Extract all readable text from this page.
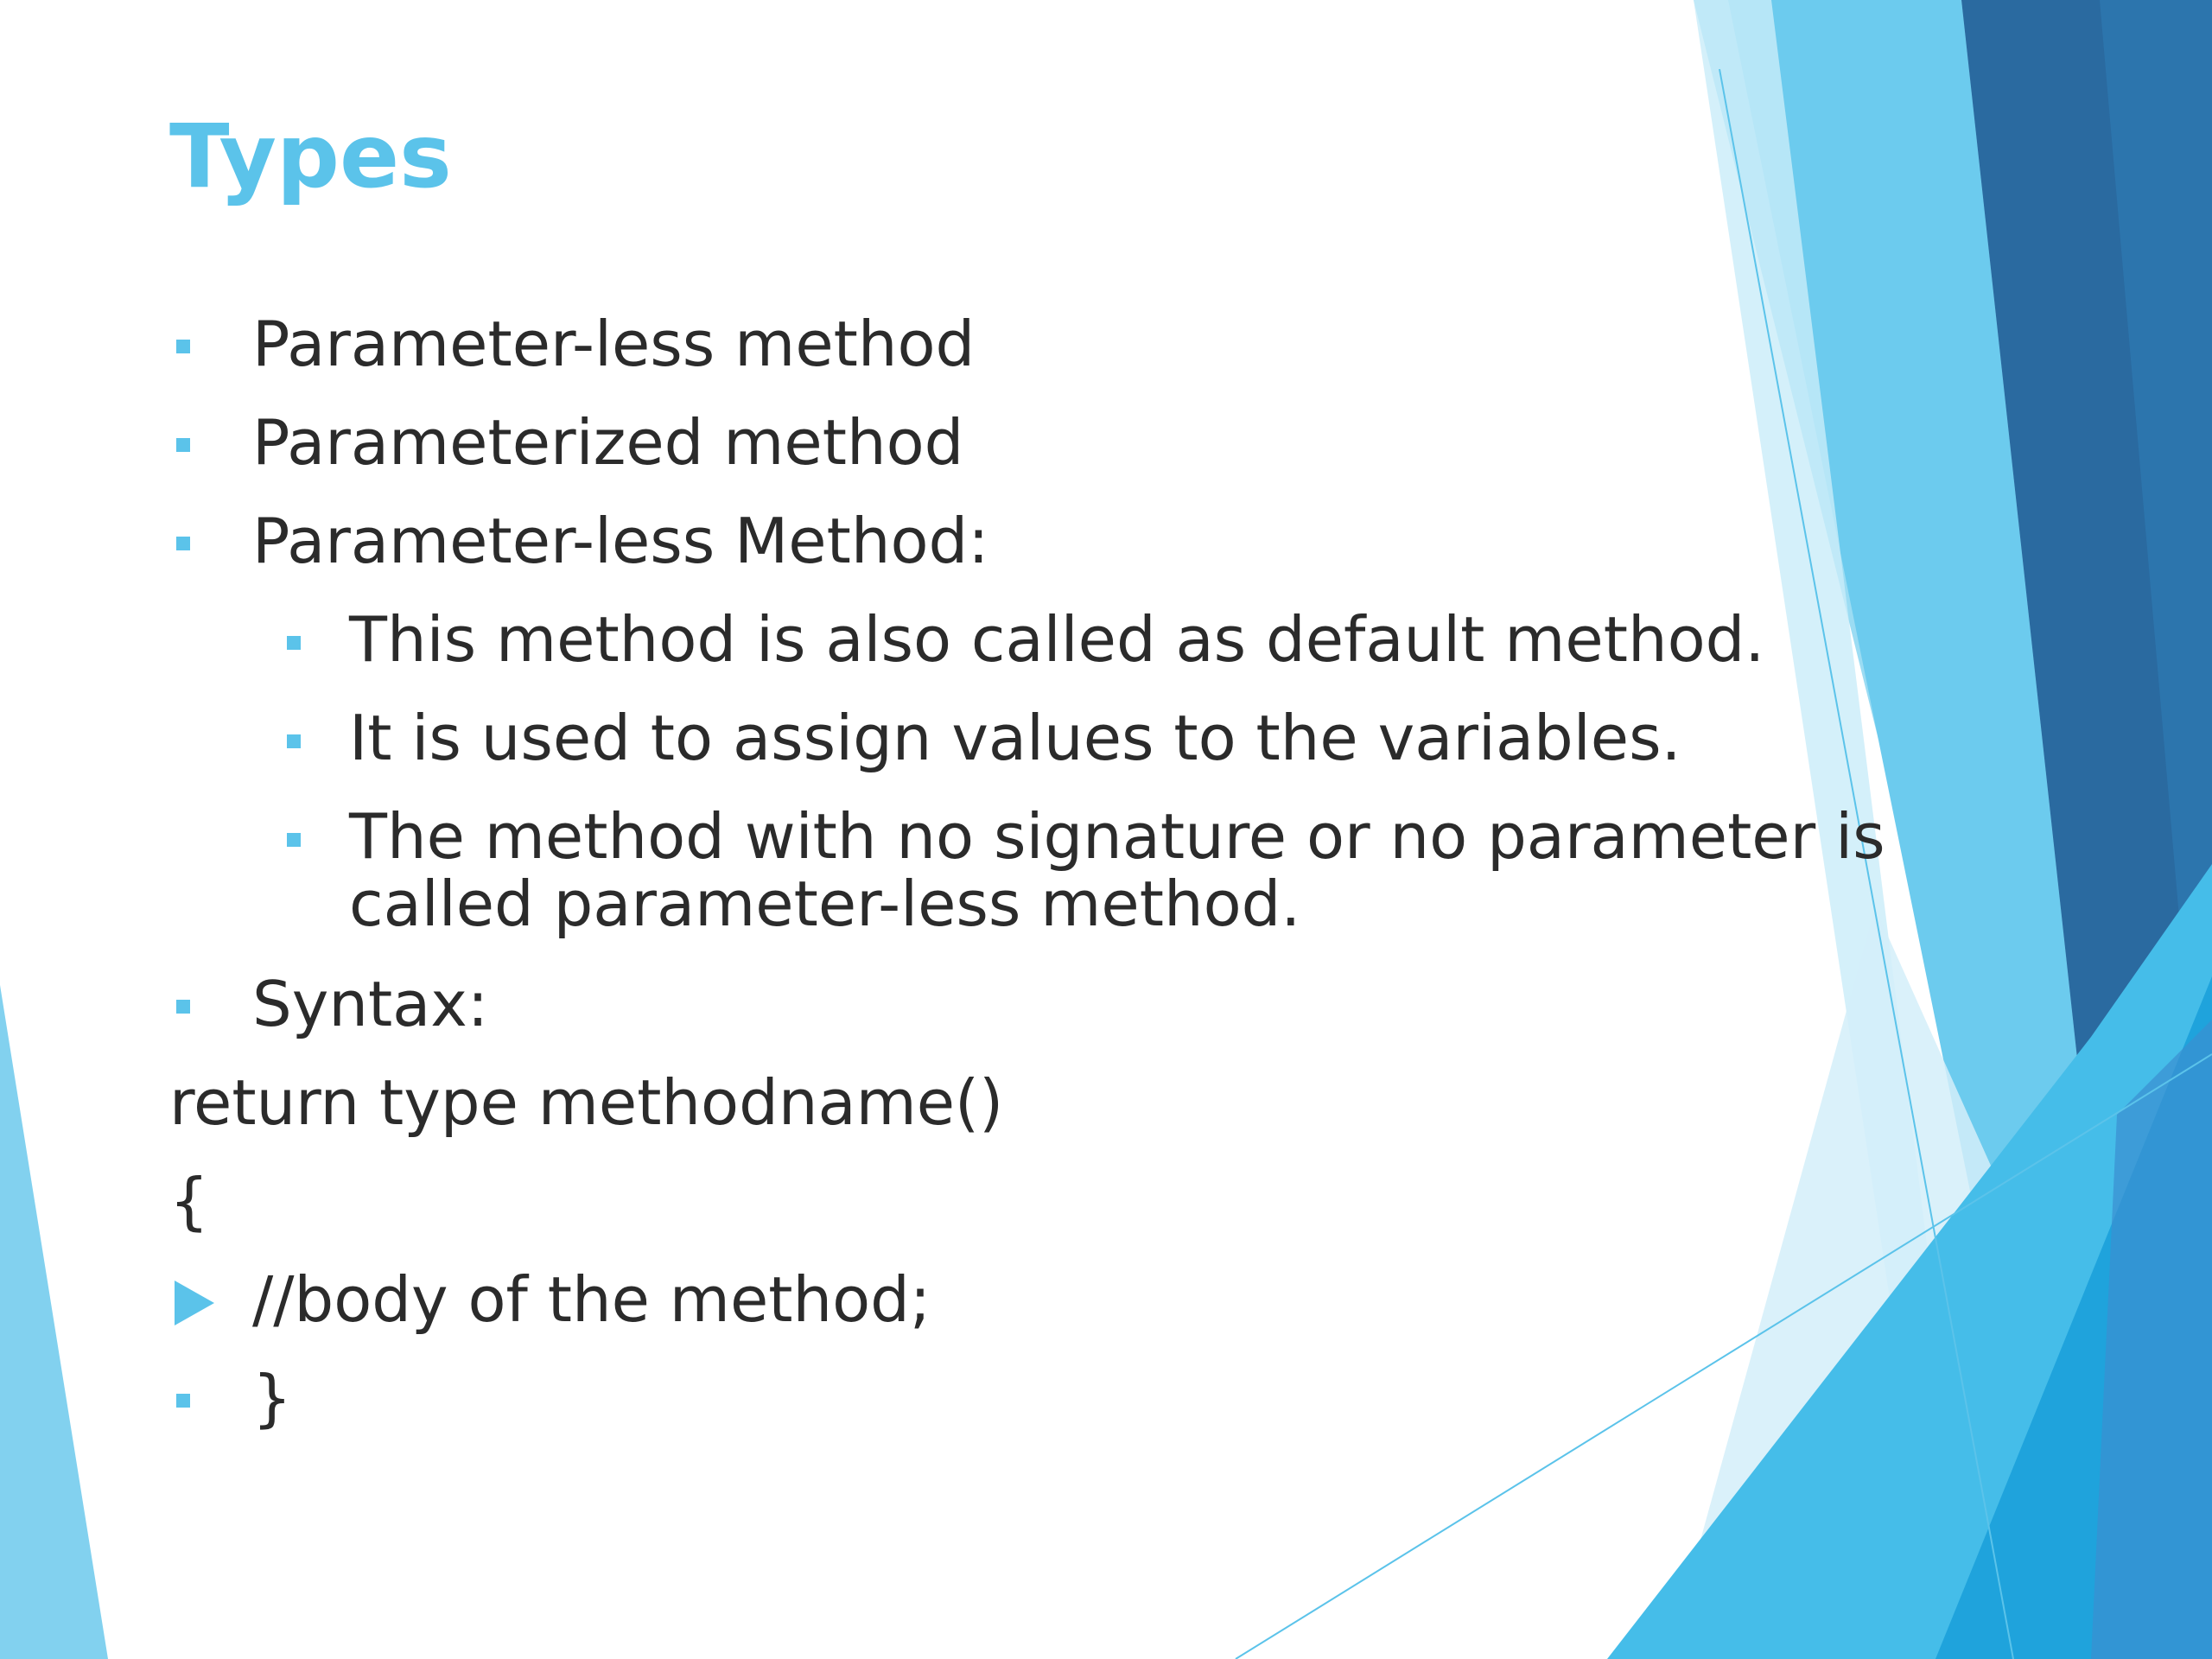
Types
Parameter-less method
Parameterized method
Parameter-less Method:
This method is also called as default method.
It is used to assign values to the variables.
The method with no signature or no parameter is
called parameter-less method.
Syntax:
return type methodname()
{
//body of the method;
}
